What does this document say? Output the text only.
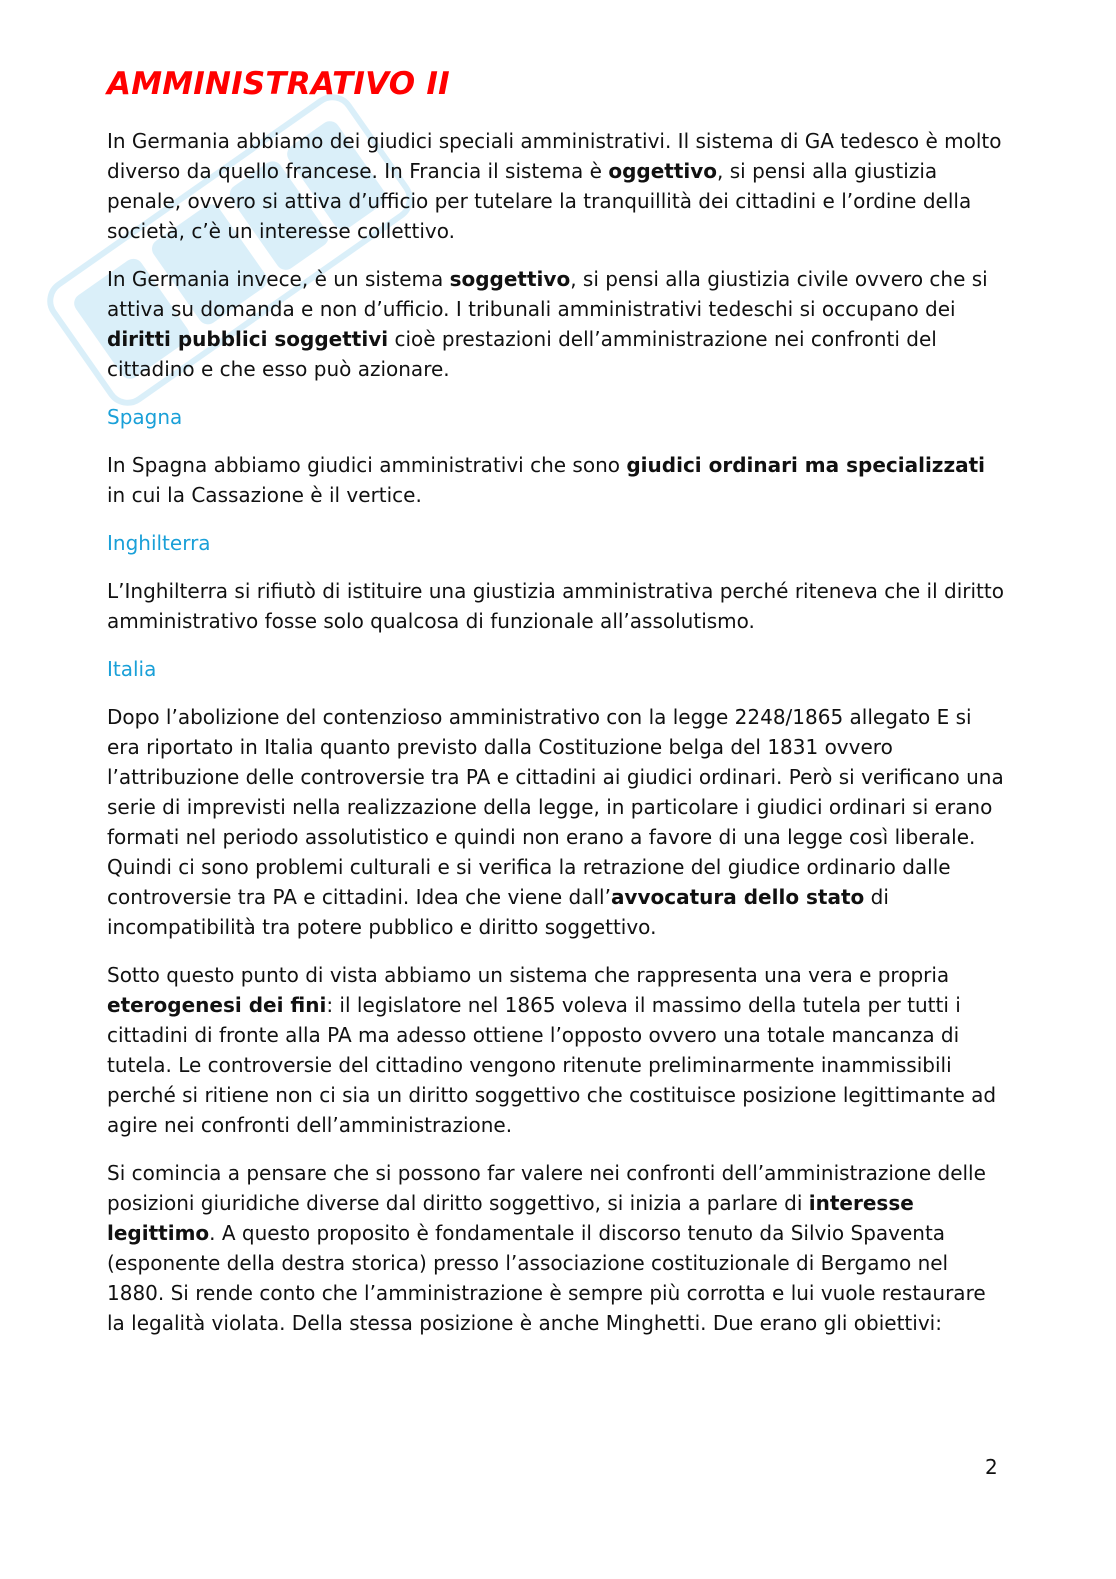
AMMINISTRATIVO II

In Germania abbiamo dei giudici speciali amministrativi. Il sistema di GA tedesco è molto diverso da quello francese. In Francia il sistema è oggettivo, si pensi alla giustizia penale, ovvero si attiva d’ufficio per tutelare la tranquillità dei cittadini e l’ordine della società, c’è un interesse collettivo.

In Germania invece, è un sistema soggettivo, si pensi alla giustizia civile ovvero che si attiva su domanda e non d’ufficio. I tribunali amministrativi tedeschi si occupano dei diritti pubblici soggettivi cioè prestazioni dell’amministrazione nei confronti del cittadino e che esso può azionare.

Spagna

In Spagna abbiamo giudici amministrativi che sono giudici ordinari ma specializzati in cui la Cassazione è il vertice.

Inghilterra

L’Inghilterra si rifiutò di istituire una giustizia amministrativa perché riteneva che il diritto amministrativo fosse solo qualcosa di funzionale all’assolutismo.

Italia

Dopo l’abolizione del contenzioso amministrativo con la legge 2248/1865 allegato E si era riportato in Italia quanto previsto dalla Costituzione belga del 1831 ovvero l’attribuzione delle controversie tra PA e cittadini ai giudici ordinari. Però si verificano una serie di imprevisti nella realizzazione della legge, in particolare i giudici ordinari si erano formati nel periodo assolutistico e quindi non erano a favore di una legge così liberale. Quindi ci sono problemi culturali e si verifica la retrazione del giudice ordinario dalle controversie tra PA e cittadini. Idea che viene dall’avvocatura dello stato di incompatibilità tra potere pubblico e diritto soggettivo.

Sotto questo punto di vista abbiamo un sistema che rappresenta una vera e propria eterogenesi dei fini: il legislatore nel 1865 voleva il massimo della tutela per tutti i cittadini di fronte alla PA ma adesso ottiene l’opposto ovvero una totale mancanza di tutela. Le controversie del cittadino vengono ritenute preliminarmente inammissibili perché si ritiene non ci sia un diritto soggettivo che costituisce posizione legittimante ad agire nei confronti dell’amministrazione.

Si comincia a pensare che si possono far valere nei confronti dell’amministrazione delle posizioni giuridiche diverse dal diritto soggettivo, si inizia a parlare di interesse legittimo. A questo proposito è fondamentale il discorso tenuto da Silvio Spaventa (esponente della destra storica) presso l’associazione costituzionale di Bergamo nel 1880. Si rende conto che l’amministrazione è sempre più corrotta e lui vuole restaurare la legalità violata. Della stessa posizione è anche Minghetti. Due erano gli obiettivi:

2
